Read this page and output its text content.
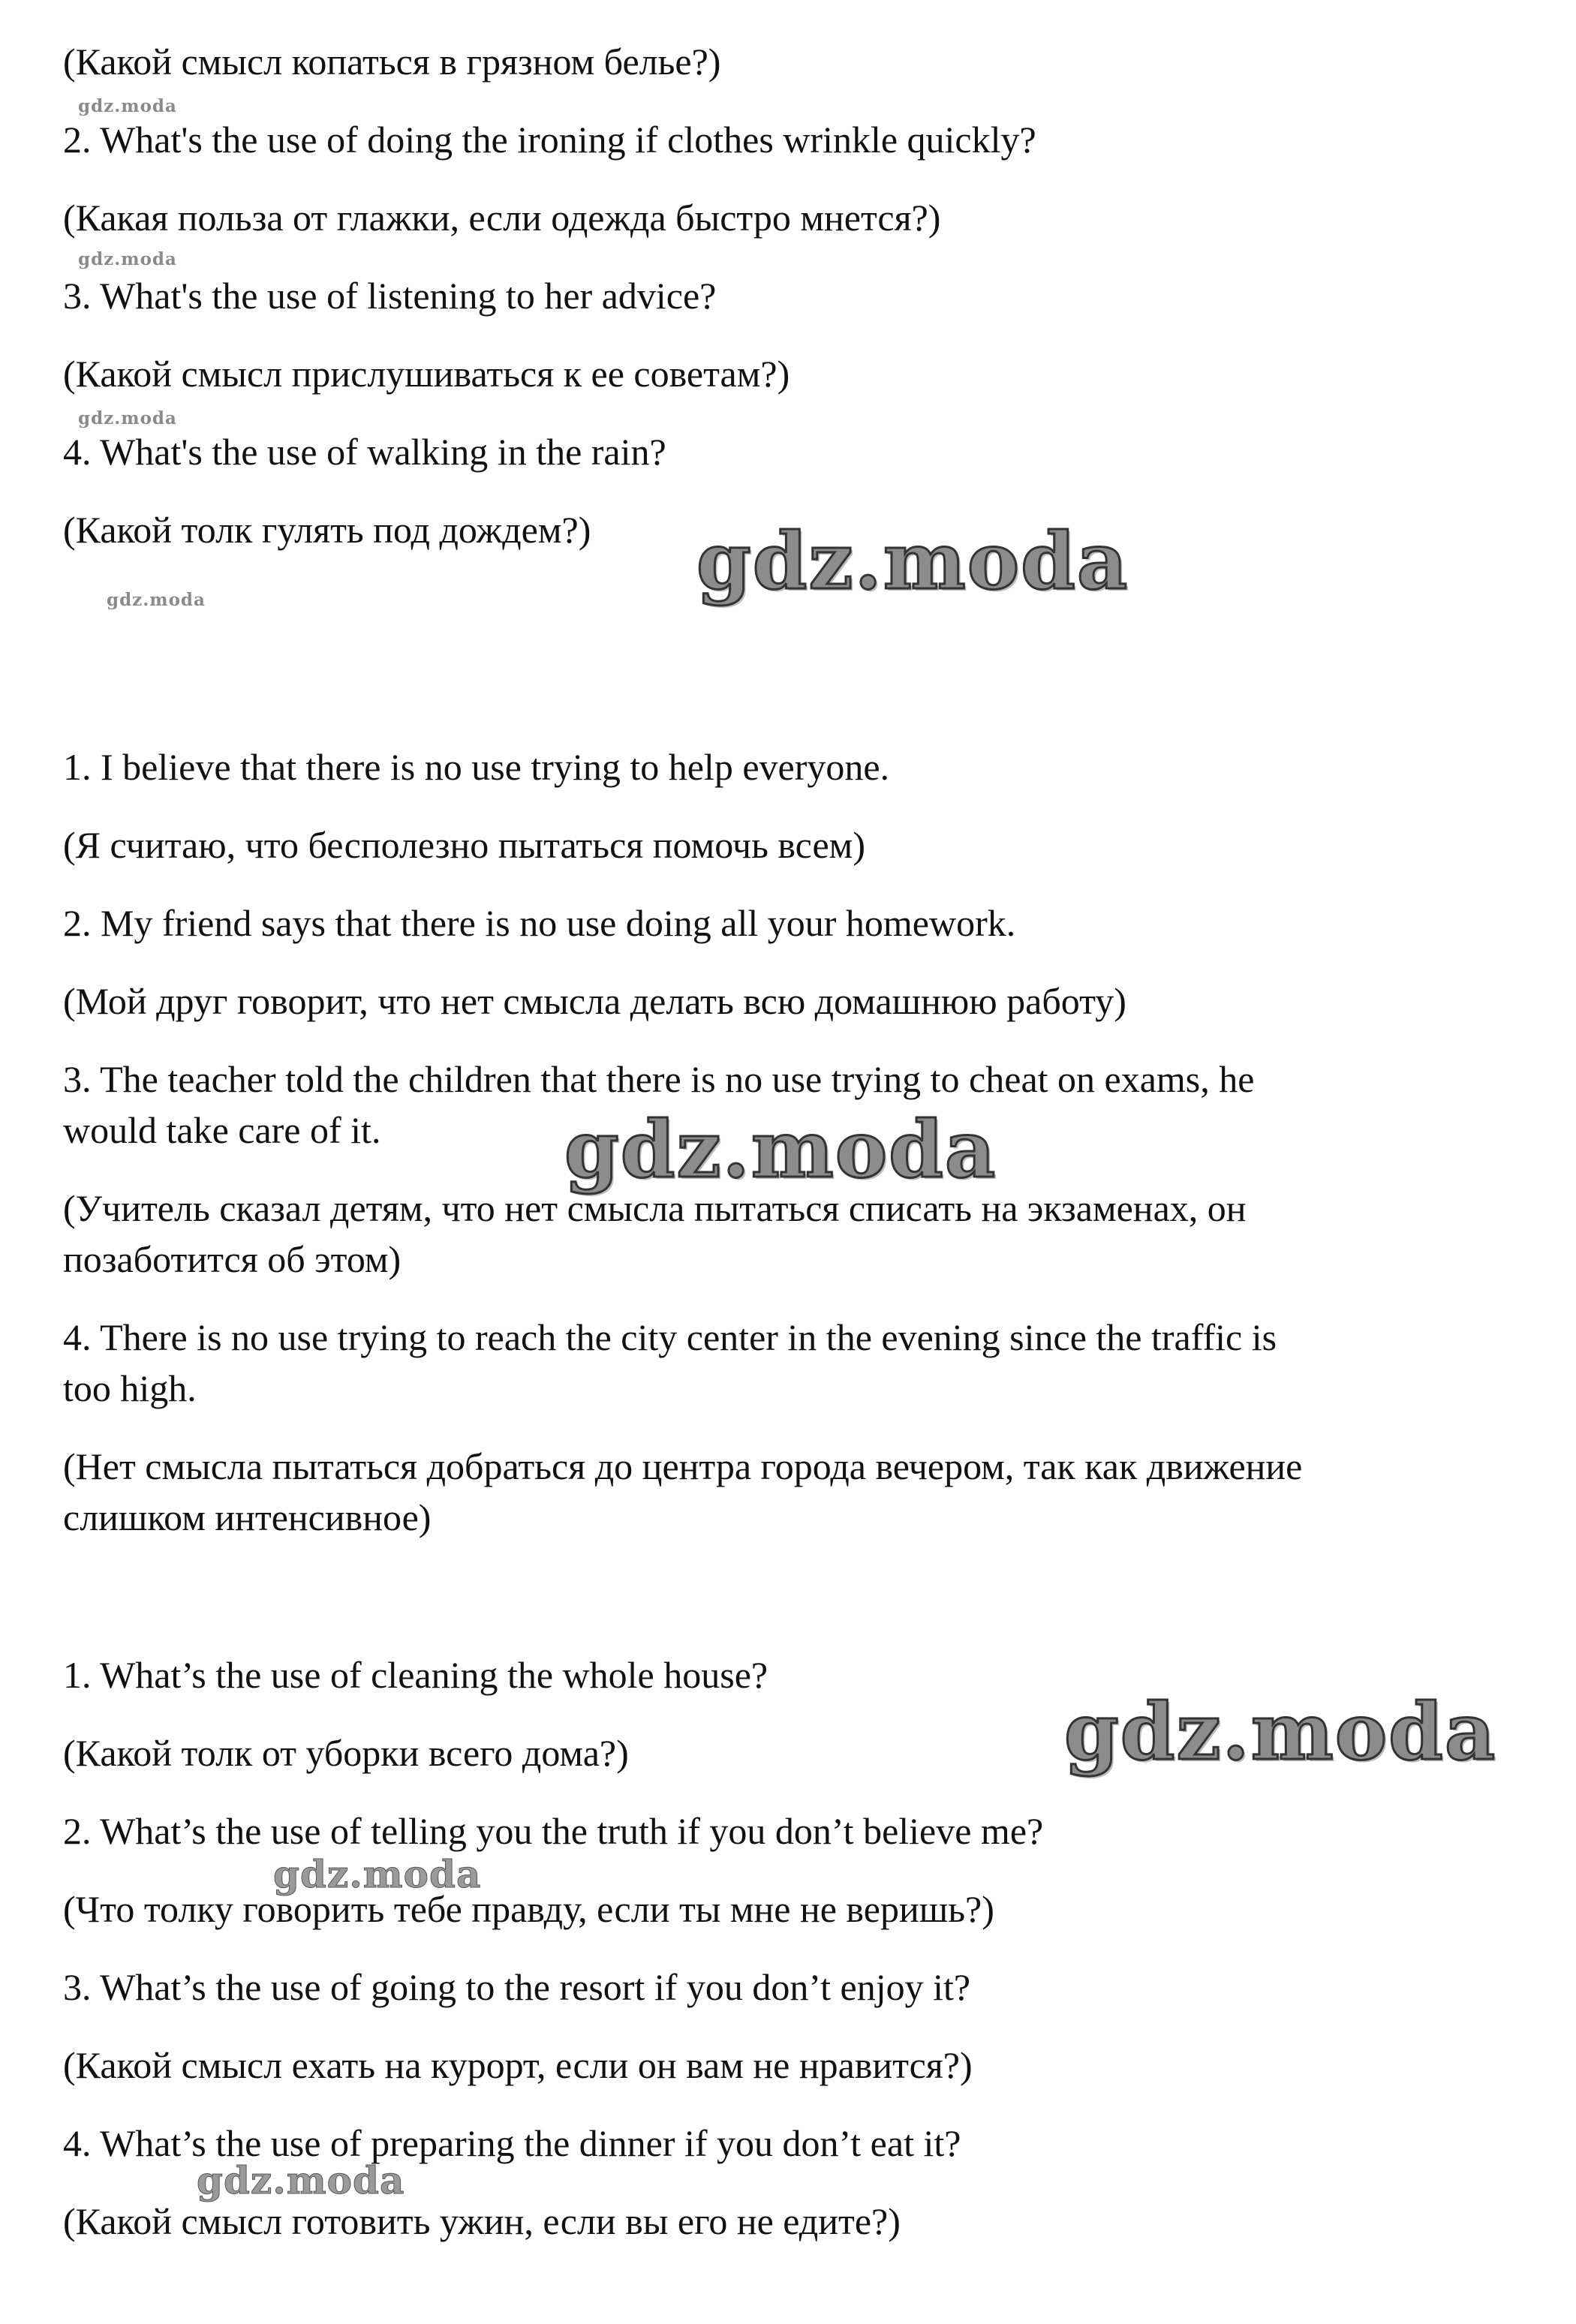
(Какой смысл копаться в грязном белье?)
2. What's the use of doing the ironing if clothes wrinkle quickly?
(Какая польза от глажки, если одежда быстро мнется?)
3. What's the use of listening to her advice?
(Какой смысл прислушиваться к ее советам?)
4. What's the use of walking in the rain?
(Какой толк гулять под дождем?)
1. I believe that there is no use trying to help everyone.
(Я считаю, что бесполезно пытаться помочь всем)
2. My friend says that there is no use doing all your homework.
(Мой друг говорит, что нет смысла делать всю домашнюю работу)
3. The teacher told the children that there is no use trying to cheat on exams, he
would take care of it.
(Учитель сказал детям, что нет смысла пытаться списать на экзаменах, он
позаботится об этом)
4. There is no use trying to reach the city center in the evening since the traffic is
too high.
(Нет смысла пытаться добраться до центра города вечером, так как движение
слишком интенсивное)
1. What’s the use of cleaning the whole house?
(Какой толк от уборки всего дома?)
2. What’s the use of telling you the truth if you don’t believe me?
(Что толку говорить тебе правду, если ты мне не веришь?)
3. What’s the use of going to the resort if you don’t enjoy it?
(Какой смысл ехать на курорт, если он вам не нравится?)
4. What’s the use of preparing the dinner if you don’t eat it?
(Какой смысл готовить ужин, если вы его не едите?)
gdz.moda
gdz.moda
gdz.moda
gdz.moda	gdz.moda
gdz.moda
gdz.moda
gdz.moda
gdz.moda
